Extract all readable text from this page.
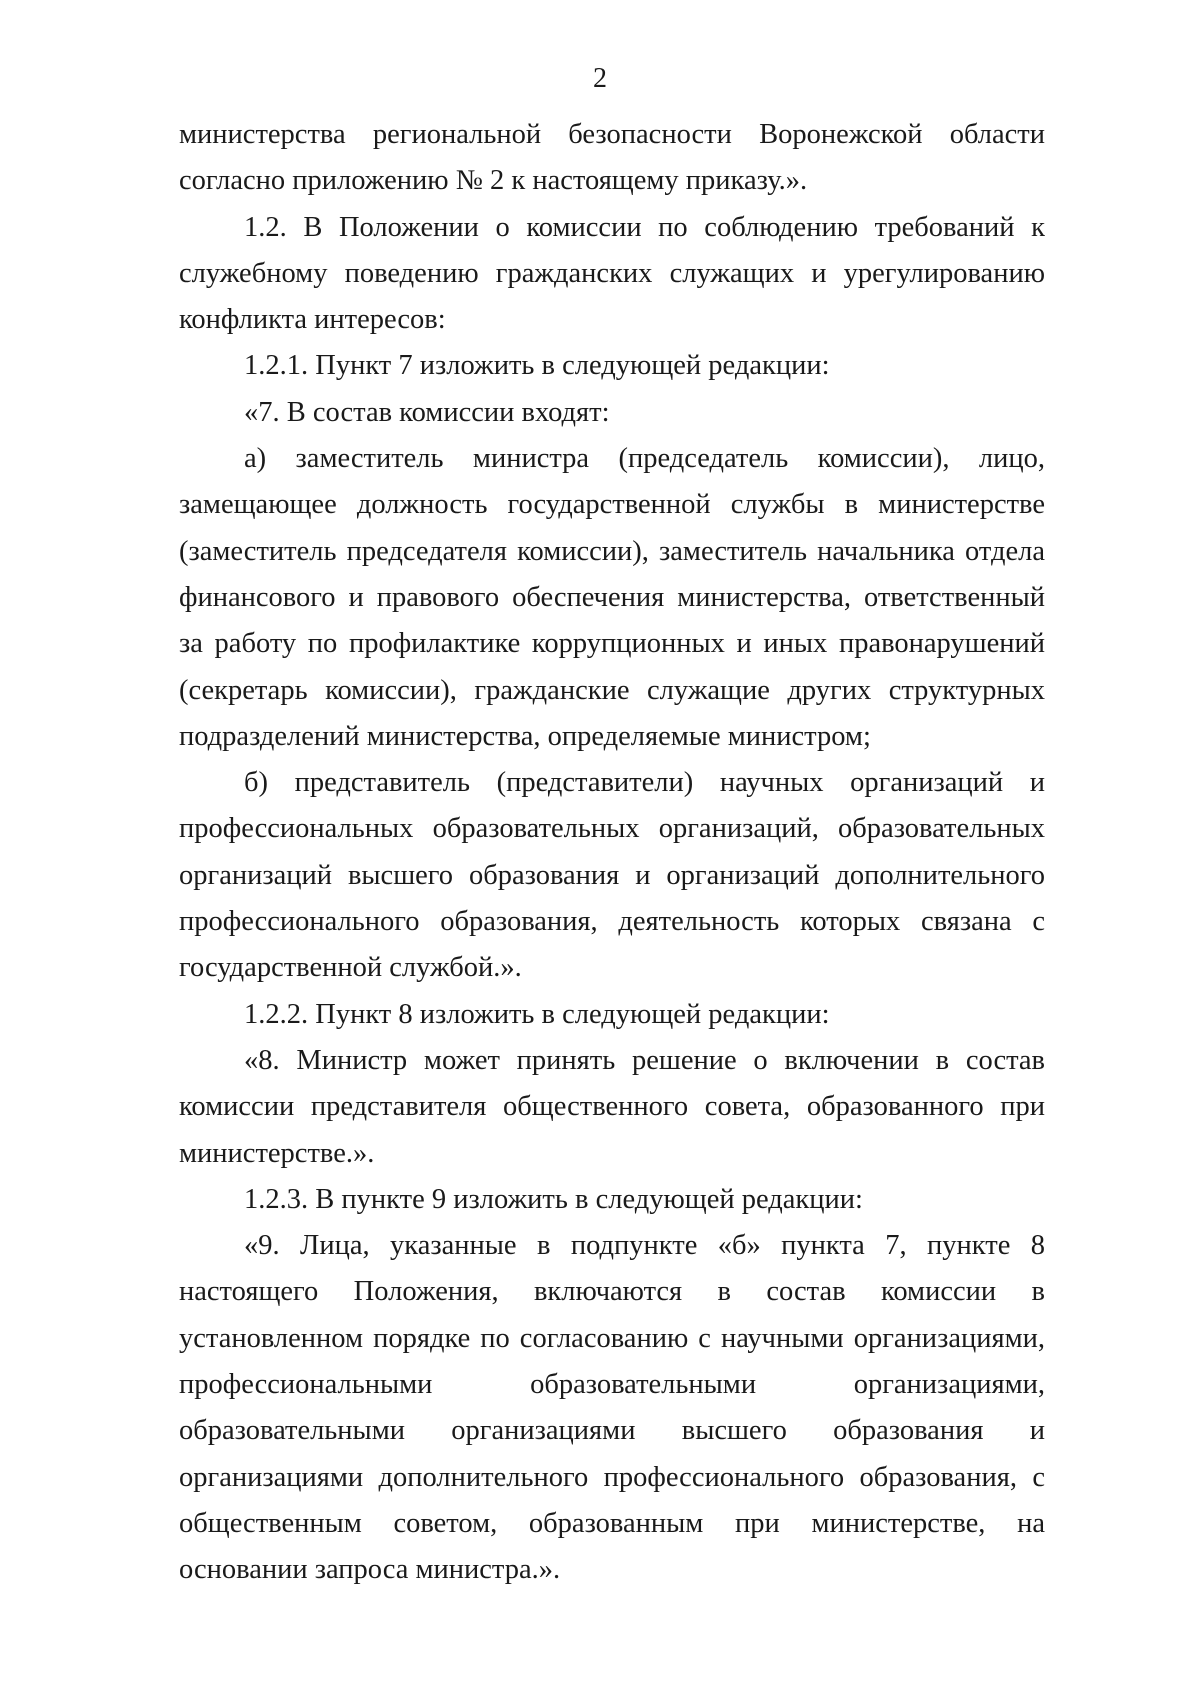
2

министерства региональной безопасности Воронежской области согласно приложению № 2 к настоящему приказу.».

1.2. В Положении о комиссии по соблюдению требований к служебному поведению гражданских служащих и урегулированию конфликта интересов:

1.2.1. Пункт 7 изложить в следующей редакции:

«7. В состав комиссии входят:

а) заместитель министра (председатель комиссии), лицо, замещающее должность государственной службы в министерстве (заместитель председателя комиссии), заместитель начальника отдела финансового и правового обеспечения министерства, ответственный за работу по профилактике коррупционных и иных правонарушений (секретарь комиссии), гражданские служащие других структурных подразделений министерства, определяемые министром;

б) представитель (представители) научных организаций и профессиональных образовательных организаций, образовательных организаций высшего образования и организаций дополнительного профессионального образования, деятельность которых связана с государственной службой.».

1.2.2. Пункт 8 изложить в следующей редакции:

«8. Министр может принять решение о включении в состав комиссии представителя общественного совета, образованного при министерстве.».

1.2.3. В пункте 9 изложить в следующей редакции:

«9. Лица, указанные в подпункте «б» пункта 7, пункте 8 настоящего Положения, включаются в состав комиссии в установленном порядке по согласованию с научными организациями, профессиональными образовательными организациями, образовательными организациями высшего образования и организациями дополнительного профессионального образования, с общественным советом, образованным при министерстве, на основании запроса министра.».
